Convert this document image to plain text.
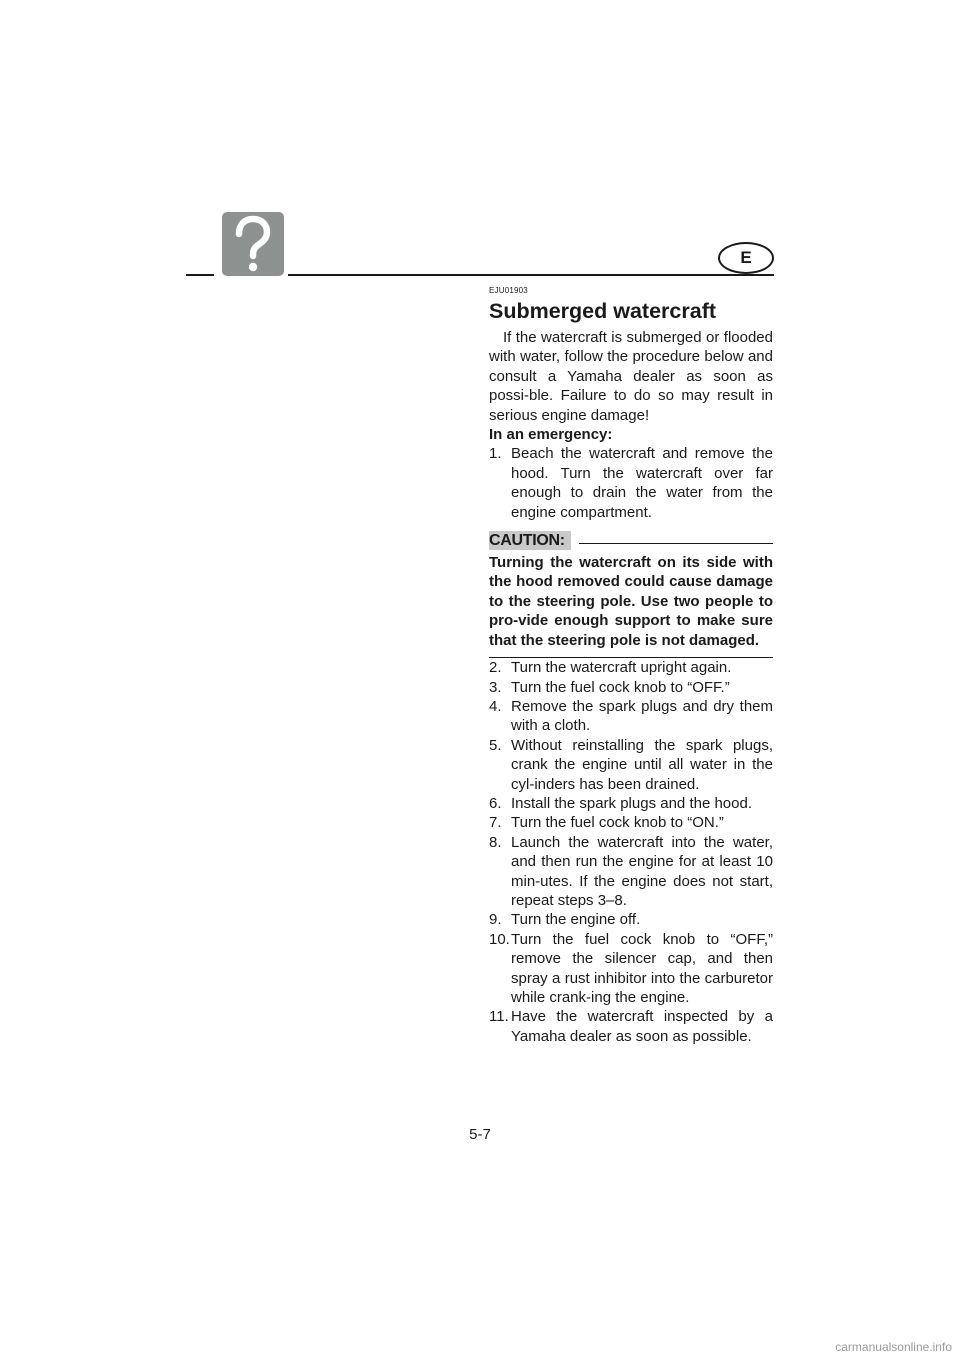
E
EJU01903
Submerged watercraft

If the watercraft is submerged or flooded with water, follow the procedure below and consult a Yamaha dealer as soon as possi-ble. Failure to do so may result in serious engine damage!

In an emergency:

1. Beach the watercraft and remove the hood. Turn the watercraft over far enough to drain the water from the engine compartment.
CAUTION:

Turning the watercraft on its side with the hood removed could cause damage to the steering pole. Use two people to pro-vide enough support to make sure that the steering pole is not damaged.

2. Turn the watercraft upright again.
3. Turn the fuel cock knob to “OFF.”
4. Remove the spark plugs and dry them with a cloth.
5. Without reinstalling the spark plugs, crank the engine until all water in the cyl-inders has been drained.
6. Install the spark plugs and the hood.
7. Turn the fuel cock knob to “ON.”
8. Launch the watercraft into the water, and then run the engine for at least 10 min-utes. If the engine does not start, repeat steps 3–8.
9. Turn the engine off.
10. Turn the fuel cock knob to “OFF,” remove the silencer cap, and then spray a rust inhibitor into the carburetor while crank-ing the engine.
11. Have the watercraft inspected by a Yamaha dealer as soon as possible.
5-7
carmanualsonline.info
